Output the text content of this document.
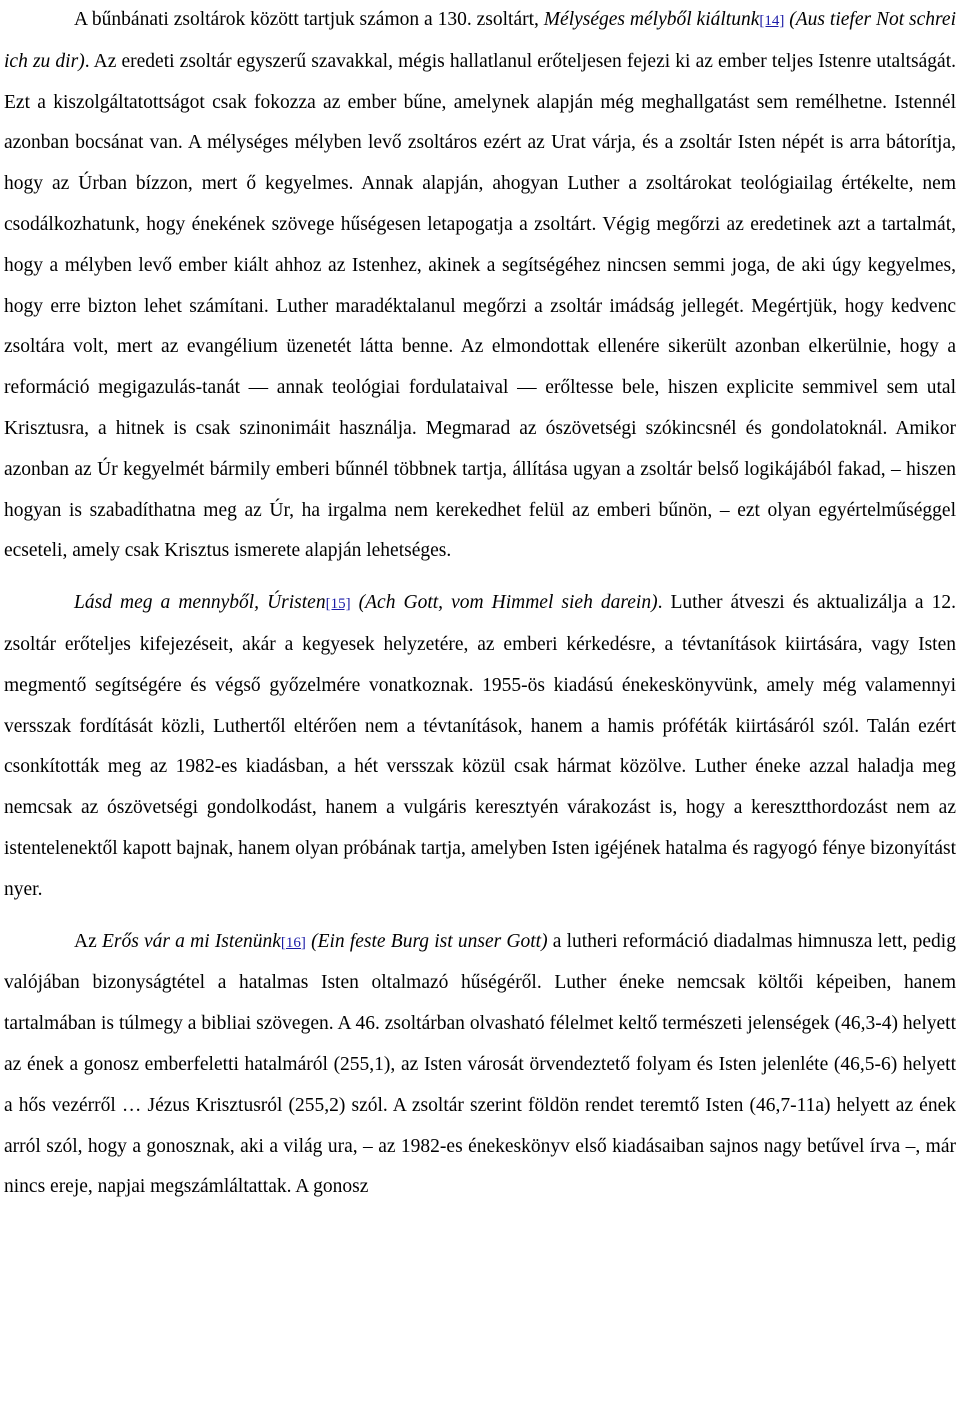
A bűnbánati zsoltárok között tartjuk számon a 130. zsoltárt, Mélységes mélyből kiáltunk[14] (Aus tiefer Not schrei ich zu dir). Az eredeti zsoltár egyszerű szavakkal, mégis hallatlanul erőteljesen fejezi ki az ember teljes Istenre utaltságát. Ezt a kiszolgáltatottságot csak fokozza az ember bűne, amelynek alapján még meghallgatást sem remélhetne. Istennél azonban bocsánat van. A mélységes mélyben levő zsoltáros ezért az Urat várja, és a zsoltár Isten népét is arra bátorítja, hogy az Úrban bízzon, mert ő kegyelmes. Annak alapján, ahogyan Luther a zsoltárokat teológiailag értékelte, nem csodálkozhatunk, hogy énekének szövege hűségesen letapogatja a zsoltárt. Végig megőrzi az eredetinek azt a tartalmát, hogy a mélyben levő ember kiált ahhoz az Istenhez, akinek a segítségéhez nincsen semmi joga, de aki úgy kegyelmes, hogy erre bizton lehet számítani. Luther maradéktalanul megőrzi a zsoltár imádság jellegét. Megértjük, hogy kedvenc zsoltára volt, mert az evangélium üzenetét látta benne. Az elmondottak ellenére sikerült azonban elkerülnie, hogy a reformáció megigazulás-tanát — annak teológiai fordulataival — erőltesse bele, hiszen explicite semmivel sem utal Krisztusra, a hitnek is csak szinonimáit használja. Megmarad az ószövetségi szókincsnél és gondolatoknál. Amikor azonban az Úr kegyelmét bármily emberi bűnnél többnek tartja, állítása ugyan a zsoltár belső logikájából fakad, – hiszen hogyan is szabadíthatna meg az Úr, ha irgalma nem kerekedhet felül az emberi bűnön, – ezt olyan egyértelműséggel ecseteli, amely csak Krisztus ismerete alapján lehetséges.

Lásd meg a mennyből, Úristen[15] (Ach Gott, vom Himmel sieh darein). Luther átveszi és aktualizálja a 12. zsoltár erőteljes kifejezéseit, akár a kegyesek helyzetére, az emberi kérkedésre, a tévtanítások kiirtására, vagy Isten megmentő segítségére és végső győzelmére vonatkoznak. 1955-ös kiadású énekeskönyvünk, amely még valamennyi versszak fordítását közli, Luthertől eltérően nem a tévtanítások, hanem a hamis próféták kiirtásáról szól. Talán ezért csonkították meg az 1982-es kiadásban, a hét versszak közül csak hármat közölve. Luther éneke azzal haladja meg nemcsak az ószövetségi gondolkodást, hanem a vulgáris keresztyén várakozást is, hogy a keresztthordozást nem az istentelenektől kapott bajnak, hanem olyan próbának tartja, amelyben Isten igéjének hatalma és ragyogó fénye bizonyítást nyer.

Az Erős vár a mi Istenünk[16] (Ein feste Burg ist unser Gott) a lutheri reformáció diadalmas himnusza lett, pedig valójában bizonyságtétel a hatalmas Isten oltalmazó hűségéről. Luther éneke nemcsak költői képeiben, hanem tartalmában is túlmegy a bibliai szövegen. A 46. zsoltárban olvasható félelmet keltő természeti jelenségek (46,3-4) helyett az ének a gonosz emberfeletti hatalmáról (255,1), az Isten városát örvendeztető folyam és Isten jelenléte (46,5-6) helyett a hős vezérről … Jézus Krisztusról (255,2) szól. A zsoltár szerint földön rendet teremtő Isten (46,7-11a) helyett az ének arról szól, hogy a gonosznak, aki a világ ura, – az 1982-es énekeskönyv első kiadásaiban sajnos nagy betűvel írva –, már nincs ereje, napjai megszámláltattak. A gonosz
